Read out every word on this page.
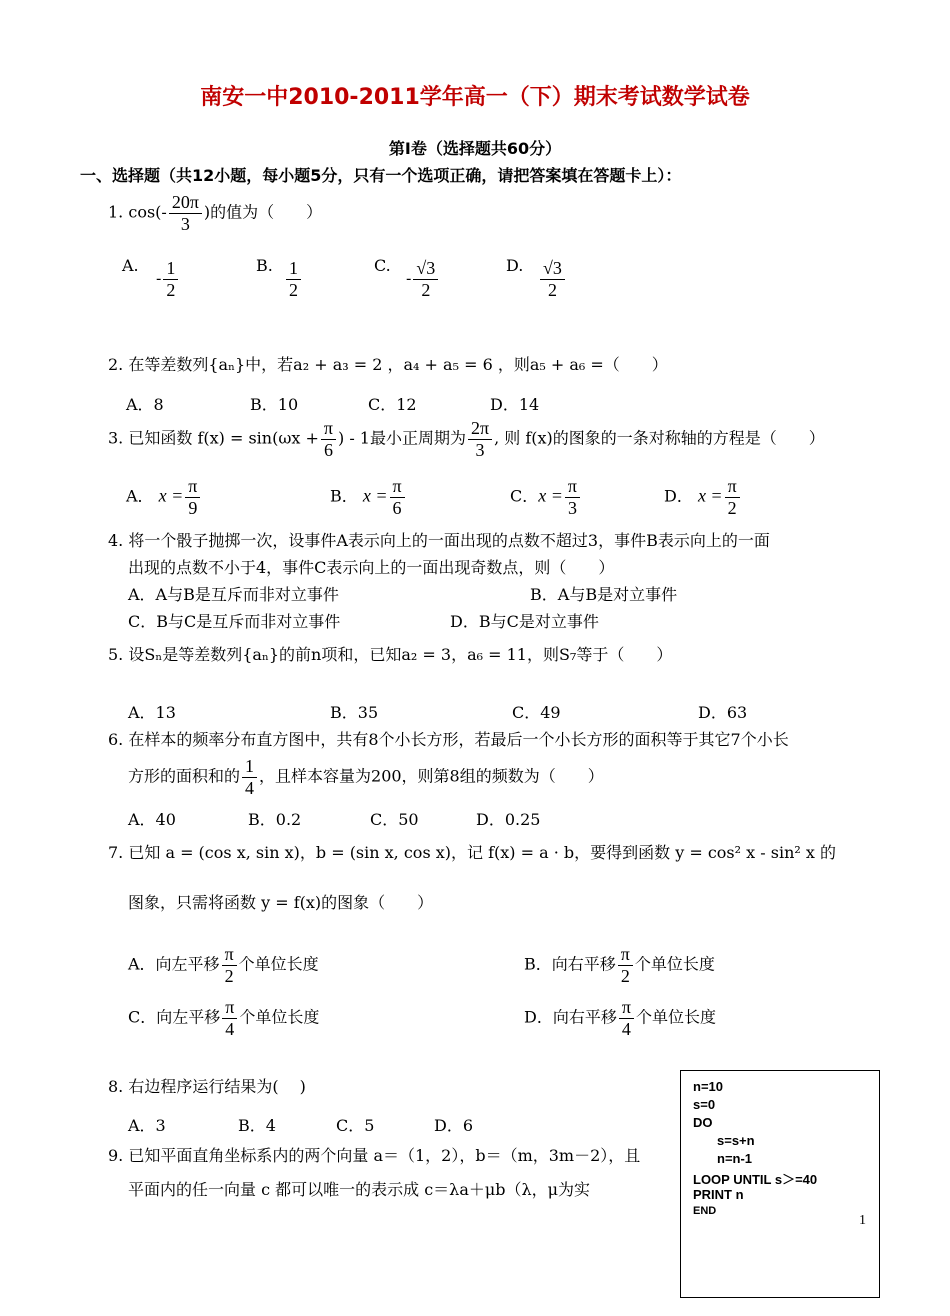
南安一中2010-2011学年高一（下）期末考试数学试卷
第Ⅰ卷（选择题共60分）
一、选择题（共12小题，每小题5分，只有一个选项正确，请把答案填在答题卡上）：
1. $\cos(- \frac{20\pi}{3}$ )的值为（　　）
A.
- $\frac{1}{2}$	B. $\frac{1}{2}$	C.
- $\frac{√3}{2}$	D. $\frac{√3}{2}$
2. 在等差数列{aₙ}中，若a₂ + a₃ = 2 ，a₄ + a₅ = 6 ，则a₅ + a₆ =（　　）
A．8	B．10	C．12	D．14
3. 已知函数 $f(x) = \sin(\omega x + \frac{\pi}{6}$ ) - 1最小正周期为 $\frac{2\pi}{3}$ , 则 f(x)的图象的一条对称轴的方程是（　　）
A． $x = \frac{\pi}{9}$	B． $x = \frac{\pi}{6}$	C．$x = \frac{\pi}{3}$	D． $x = \frac{\pi}{2}$
4. 将一个骰子抛掷一次，设事件A表示向上的一面出现的点数不超过3，事件B表示向上的一面
出现的点数不小于4，事件C表示向上的一面出现奇数点，则（　　）
A．A与B是互斥而非对立事件	B．A与B是对立事件
C．B与C是互斥而非对立事件	D．B与C是对立事件
5. 设Sₙ是等差数列{aₙ}的前n项和，已知a₂ = 3，a₆ = 11，则S₇等于（　　）
A．13	B．35	C．49	D．63
6. 在样本的频率分布直方图中，共有8个小长方形，若最后一个小长方形的面积等于其它7个小长
方形的面积和的 $\frac{1}{4}$ ，且样本容量为200，则第8组的频数为（　　）
A．40	B．0.2	C．50	D．0.25
7. 已知 a = (cos x, sin x)，b = (sin x, cos x)，记 f(x) = a · b，要得到函数 y = cos² x - sin² x 的
图象，只需将函数 y = f(x)的图象（　　）
A．向左平移 $\frac{\pi}{2}$ 个单位长度	B．向右平移 $\frac{\pi}{2}$ 个单位长度
C．向左平移 $\frac{\pi}{4}$ 个单位长度	D．向右平移 $\frac{\pi}{4}$ 个单位长度
8. 右边程序运行结果为(　 )
A．3	B．4	C．5	D．6
9. 已知平面直角坐标系内的两个向量 a＝（1，2），b＝（m，3m－2），且
平面内的任一向量 c 都可以唯一的表示成 c＝λa＋μb（λ，μ为实
n=10
s=0
DO
s=s+n
n=n-1
LOOP UNTIL s＞=40
PRINT n
END
1
